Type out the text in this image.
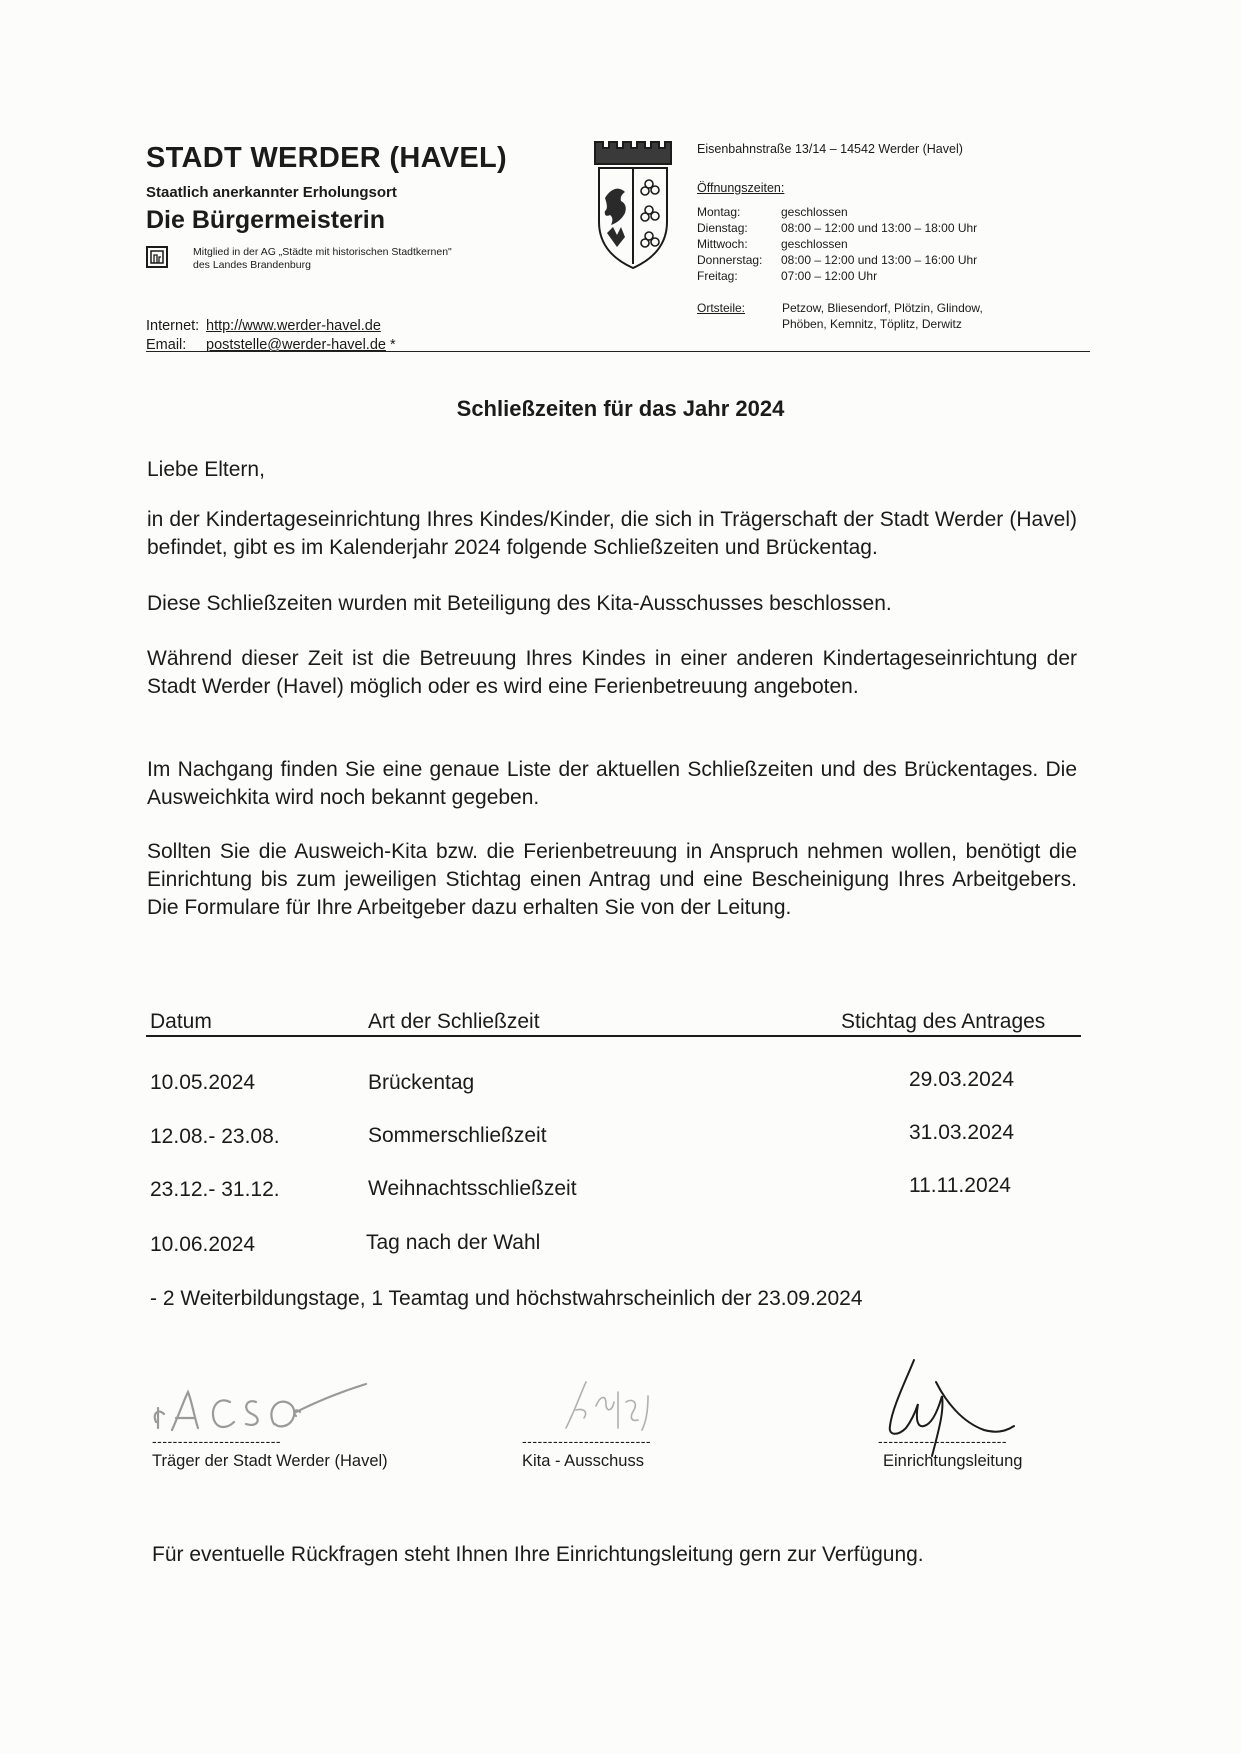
STADT WERDER (HAVEL)
Staatlich anerkannter Erholungsort
Die Bürgermeisterin
Mitglied in der AG „Städte mit historischen Stadtkernen"
des Landes Brandenburg
Internet: http://www.werder-havel.de
Email: poststelle@werder-havel.de *
Eisenbahnstraße 13/14 – 14542 Werder (Havel)
Öffnungszeiten:
Montag:	geschlossen
Dienstag:	08:00 – 12:00 und 13:00 – 18:00 Uhr
Mittwoch:	geschlossen
Donnerstag:	08:00 – 12:00 und 13:00 – 16:00 Uhr
Freitag:	07:00 – 12:00 Uhr
Ortsteile:	Petzow, Bliesendorf, Plötzin, Glindow,
Phöben, Kemnitz, Töplitz, Derwitz
Schließzeiten für das Jahr 2024
Liebe Eltern,
in der Kindertageseinrichtung Ihres Kindes/Kinder, die sich in Trägerschaft der Stadt Werder (Havel) befindet, gibt es im Kalenderjahr 2024 folgende Schließzeiten und Brückentag.
Diese Schließzeiten wurden mit Beteiligung des Kita-Ausschusses beschlossen.
Während dieser Zeit ist die Betreuung Ihres Kindes in einer anderen Kindertageseinrichtung der Stadt Werder (Havel) möglich oder es wird eine Ferienbetreuung angeboten.
Im Nachgang finden Sie eine genaue Liste der aktuellen Schließzeiten und des Brückentages. Die Ausweichkita wird noch bekannt gegeben.
Sollten Sie die Ausweich-Kita bzw. die Ferienbetreuung in Anspruch nehmen wollen, benötigt die Einrichtung bis zum jeweiligen Stichtag einen Antrag und eine Bescheinigung Ihres Arbeitgebers. Die Formulare für Ihre Arbeitgeber dazu erhalten Sie von der Leitung.
Datum	Art der Schließzeit	Stichtag des Antrages
10.05.2024	Brückentag	29.03.2024
12.08.- 23.08.	Sommerschließzeit	31.03.2024
23.12.- 31.12.	Weihnachtsschließzeit	11.11.2024
10.06.2024	Tag nach der Wahl
- 2 Weiterbildungstage, 1 Teamtag und höchstwahrscheinlich der 23.09.2024
-------------------------
Träger der Stadt Werder (Havel)
-------------------------
Kita - Ausschuss
-------------------------
Einrichtungsleitung
Für eventuelle Rückfragen steht Ihnen Ihre Einrichtungsleitung gern zur Verfügung.
